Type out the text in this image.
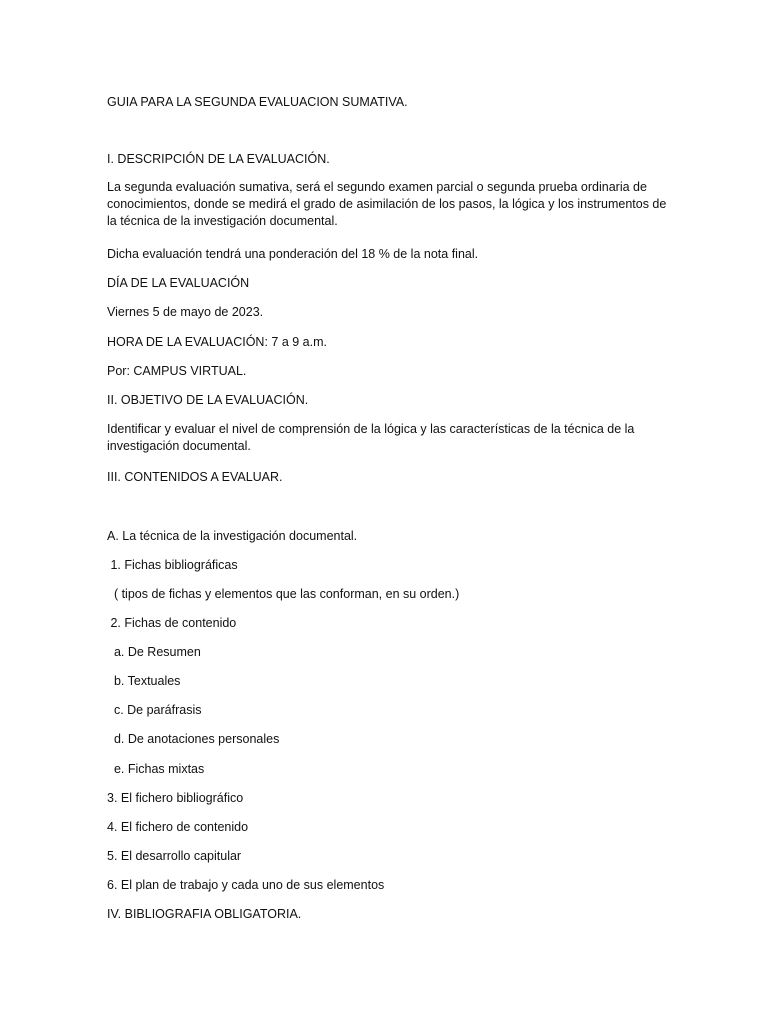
GUIA PARA LA SEGUNDA EVALUACION SUMATIVA.

I. DESCRIPCIÓN DE LA EVALUACIÓN.

La segunda evaluación sumativa, será el segundo examen parcial o segunda prueba ordinaria de conocimientos, donde se medirá el grado de asimilación de los pasos, la lógica y los instrumentos de la técnica de la investigación documental.

Dicha evaluación tendrá una ponderación del 18 % de la nota final.

DÍA DE LA EVALUACIÓN

Viernes 5 de mayo de 2023.

HORA DE LA EVALUACIÓN: 7 a 9 a.m.

Por: CAMPUS VIRTUAL.

II. OBJETIVO DE LA EVALUACIÓN.

Identificar y evaluar el nivel de comprensión de la lógica y las características de la técnica de la investigación documental.

III. CONTENIDOS A EVALUAR.

A. La técnica de la investigación documental.

1. Fichas bibliográficas

( tipos de fichas y elementos que las conforman, en su orden.)

2. Fichas de contenido

a. De Resumen

b. Textuales

c. De paráfrasis

d. De anotaciones personales

e. Fichas mixtas

3. El fichero bibliográfico

4. El fichero de contenido

5. El desarrollo capitular

6. El plan de trabajo y cada uno de sus elementos

IV. BIBLIOGRAFIA OBLIGATORIA.
